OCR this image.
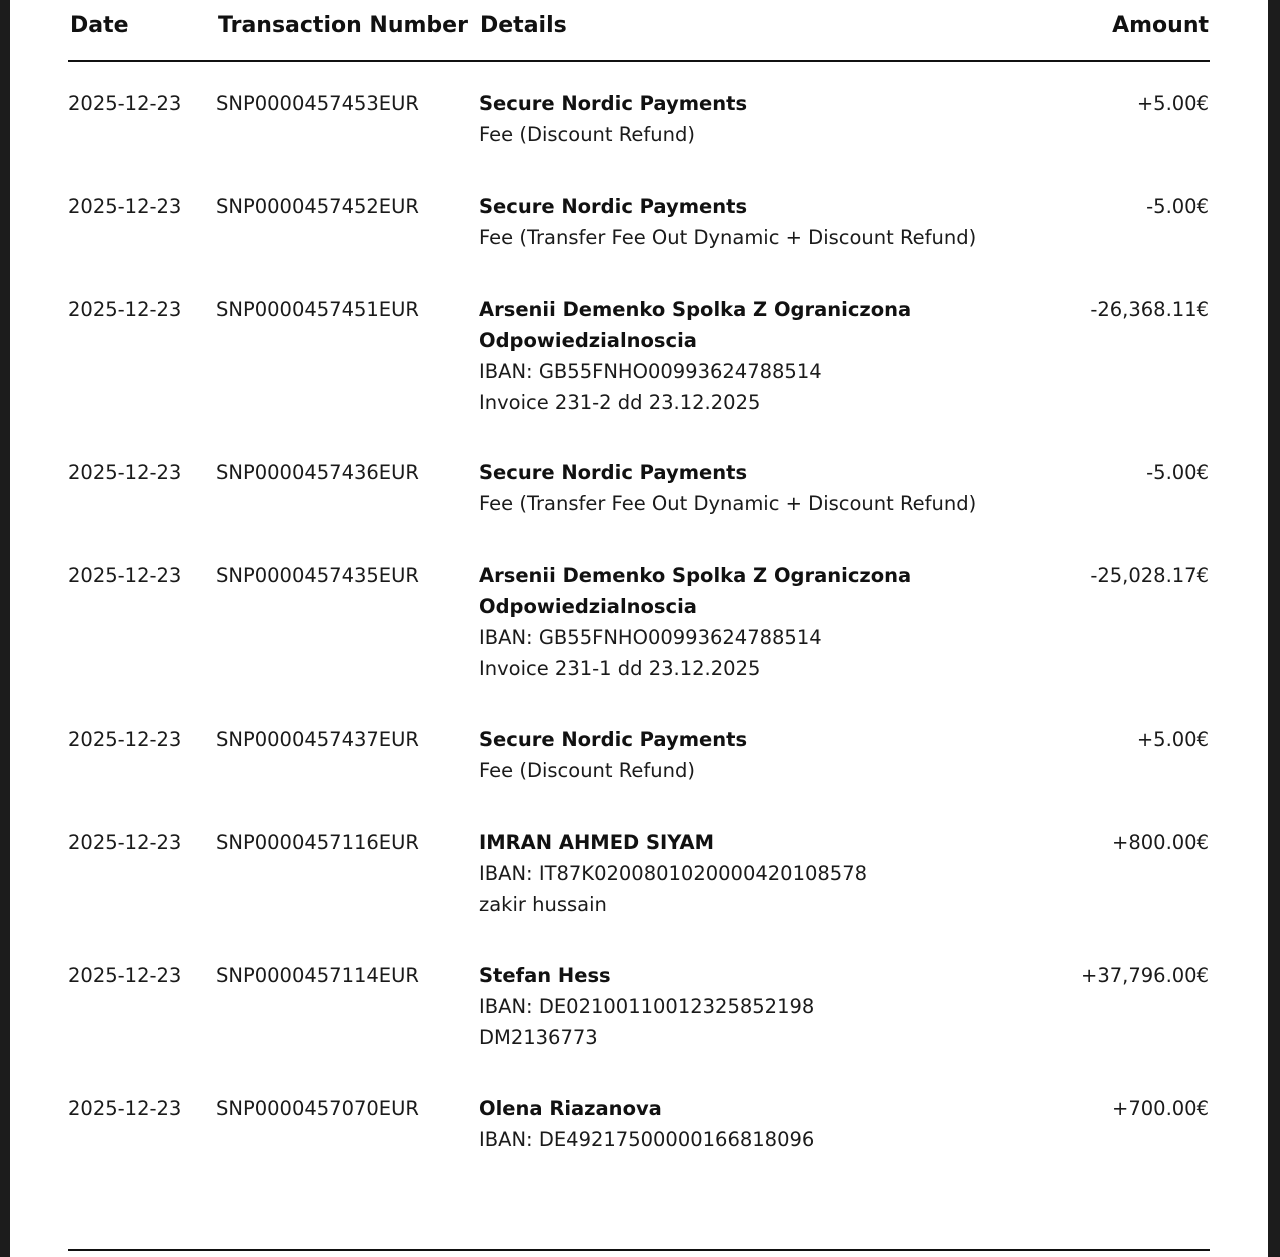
Date	Transaction Number Details	Amount
2025-12-23 SNP0000457453EUR	Secure Nordic Payments
Fee (Discount Refund)
+5.00€
2025-12-23 SNP0000457452EUR	Secure Nordic Payments
Fee (Transfer Fee Out Dynamic + Discount Refund)
-5.00€
2025-12-23 SNP0000457451EUR	Arsenii Demenko Spolka Z Ograniczona
Odpowiedzialnoscia
IBAN: GB55FNHO00993624788514
Invoice 231-2 dd 23.12.2025
-26,368.11€
2025-12-23 SNP0000457436EUR	Secure Nordic Payments
Fee (Transfer Fee Out Dynamic + Discount Refund)
-5.00€
2025-12-23 SNP0000457435EUR	Arsenii Demenko Spolka Z Ograniczona
Odpowiedzialnoscia
IBAN: GB55FNHO00993624788514
Invoice 231-1 dd 23.12.2025
-25,028.17€
2025-12-23 SNP0000457437EUR	Secure Nordic Payments
Fee (Discount Refund)
+5.00€
2025-12-23 SNP0000457116EUR	IMRAN AHMED SIYAM
IBAN: IT87K0200801020000420108578
zakir hussain
+800.00€
2025-12-23 SNP0000457114EUR	Stefan Hess
IBAN: DE02100110012325852198
DM2136773
+37,796.00€
2025-12-23 SNP0000457070EUR	Olena Riazanova
IBAN: DE49217500000166818096
+700.00€
